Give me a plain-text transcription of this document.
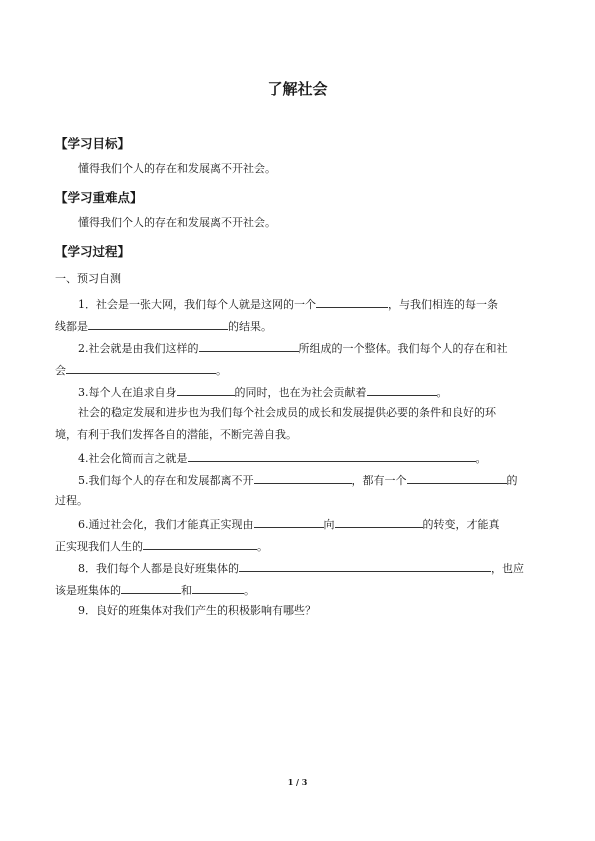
了解社会
【学习目标】
懂得我们个人的存在和发展离不开社会。
【学习重难点】
懂得我们个人的存在和发展离不开社会。
【学习过程】
一、预习自测
1．社会是一张大网，我们每个人就是这网的一个	，与我们相连的每一条
线都是	的结果。
2.社会就是由我们这样的	所组成的一个整体。我们每个人的存在和社
会	。
3.每个人在追求自身	的同时，也在为社会贡献着	。
社会的稳定发展和进步也为我们每个社会成员的成长和发展提供必要的条件和良好的环
境，有利于我们发挥各自的潜能，不断完善自我。
4.社会化简而言之就是	。
5.我们每个人的存在和发展都离不开	，都有一个	的
过程。
6.通过社会化，我们才能真正实现由	向	的转变，才能真
正实现我们人生的	。
8．我们每个人都是良好班集体的	，也应
该是班集体的	和	。
9．良好的班集体对我们产生的积极影响有哪些？
1 / 3
